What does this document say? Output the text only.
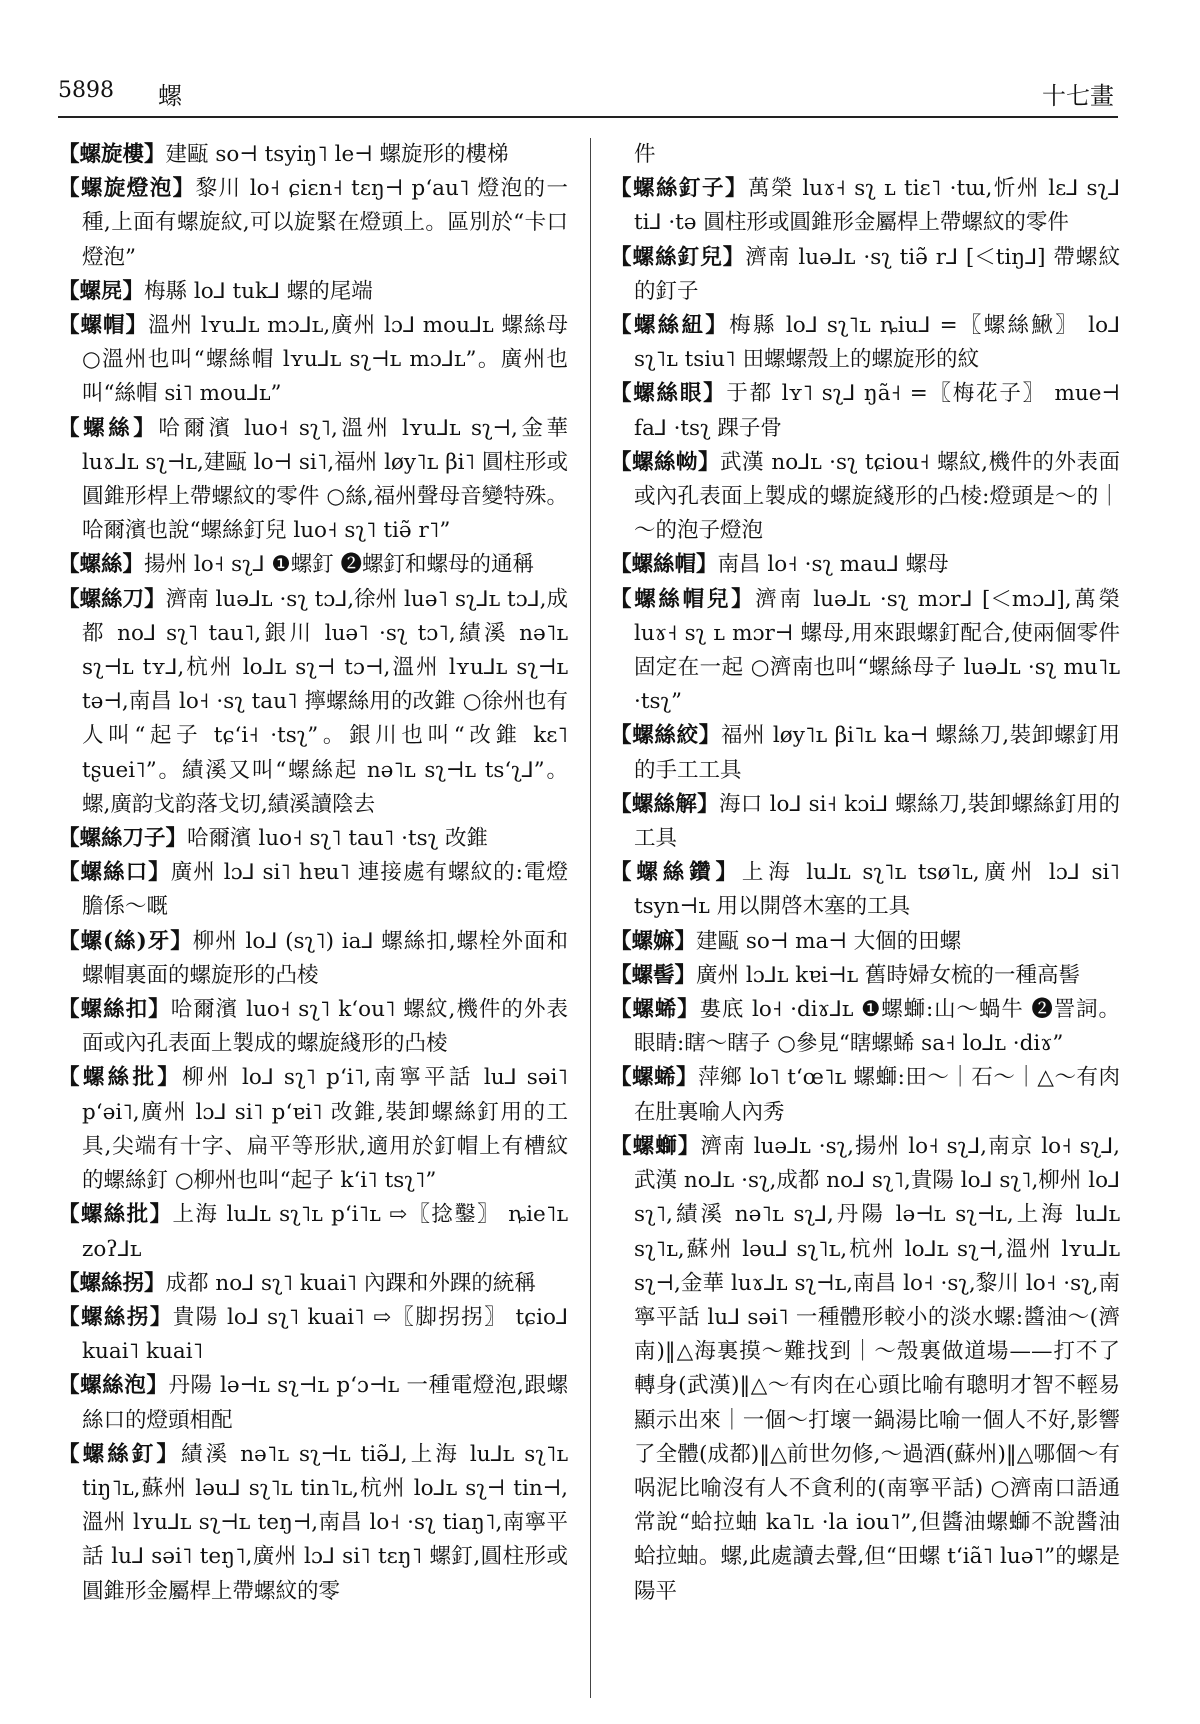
5898 螺	十七畫

【螺旋樓】建甌 so⊣ tsyiŋ˥ le⊣ 螺旋形的樓梯

【螺旋燈泡】黎川 lo˧ ɕiɛn˧ tɛŋ⊣ pʻau˥ 燈泡的一種,上面有螺旋紋,可以旋緊在燈頭上。區別於“卡口燈泡”

【螺𡱂】梅縣 lo⅃ tuk⅃ 螺的尾端

【螺帽】溫州 lʏu⅃ʟ mɔ⅃ʟ,廣州 lɔ⅃ mou⅃ʟ 螺絲母 ○溫州也叫“螺絲帽 lʏu⅃ʟ sʅ⊣ʟ mɔ⅃ʟ”。廣州也叫“絲帽 si˥ mou⅃ʟ”

【螺絲】哈爾濱 luo˧ sʅ˥,溫州 lʏu⅃ʟ sʅ⊣,金華 luɤ⅃ʟ sʅ⊣ʟ,建甌 lo⊣ si˥,福州 løy˥ʟ βi˥ 圓柱形或圓錐形桿上帶螺紋的零件 ○絲,福州聲母音變特殊。哈爾濱也說“螺絲釘兒 luo˧ sʅ˥ tiə̃ r˥”

【螺絲】揚州 lo˧ sʅ⅃ ❶螺釘 ❷螺釘和螺母的通稱

【螺絲刀】濟南 luə⅃ʟ ·sʅ tɔ⅃,徐州 luə˥ sʅ⅃ʟ tɔ⅃,成都 no⅃ sʅ˥ tau˥,銀川 luə˥ ·sʅ tɔ˥,績溪 nə˥ʟ sʅ⊣ʟ tʏ⅃,杭州 lo⅃ʟ sʅ⊣ tɔ⊣,溫州 lʏu⅃ʟ sʅ⊣ʟ tə⊣,南昌 lo˧ ·sʅ tau˥ 擰螺絲用的改錐 ○徐州也有人叫“起子 tɕʻi˧ ·tsʅ”。銀川也叫“改錐 kɛ˥ tʂuei˥”。績溪又叫“螺絲起 nə˥ʟ sʅ⊣ʟ tsʻʅ⅃”。螺,廣韵戈韵落戈切,績溪讀陰去

【螺絲刀子】哈爾濱 luo˧ sʅ˥ tau˥ ·tsʅ 改錐

【螺絲口】廣州 lɔ⅃ si˥ hɐu˥ 連接處有螺紋的:電燈膽係～嘅

【螺(絲)牙】柳州 lo⅃ (sʅ˥) ia⅃ 螺絲扣,螺栓外面和螺帽裏面的螺旋形的凸棱

【螺絲扣】哈爾濱 luo˧ sʅ˥ kʻou˥ 螺紋,機件的外表面或內孔表面上製成的螺旋綫形的凸棱

【螺絲批】柳州 lo⅃ sʅ˥ pʻi˥,南寧平話 lu⅃ səi˥ pʻəi˥,廣州 lɔ⅃ si˥ pʻɐi˥ 改錐,裝卸螺絲釘用的工具,尖端有十字、扁平等形狀,適用於釘帽上有槽紋的螺絲釘 ○柳州也叫“起子 kʻi˥ tsʅ˥”

【螺絲批】上海 lu⅃ʟ sʅ˥ʟ pʻi˥ʟ ⇨〖捻鑿〗 ȵie˥ʟ zoʔ⅃ʟ

【螺絲拐】成都 no⅃ sʅ˥ kuai˥ 內踝和外踝的統稱

【螺絲拐】貴陽 lo⅃ sʅ˥ kuai˥ ⇨〖脚拐拐〗 tɕio⅃ kuai˥ kuai˥

【螺絲泡】丹陽 lə⊣ʟ sʅ⊣ʟ pʻɔ⊣ʟ 一種電燈泡,跟螺絲口的燈頭相配

【螺絲釘】績溪 nə˥ʟ sʅ⊣ʟ tiə̃⅃,上海 lu⅃ʟ sʅ˥ʟ tiŋ˥ʟ,蘇州 ləu⅃ sʅ˥ʟ tin˥ʟ,杭州 lo⅃ʟ sʅ⊣ tin⊣,溫州 lʏu⅃ʟ sʅ⊣ʟ teŋ⊣,南昌 lo˧ ·sʅ tiaŋ˥,南寧平話 lu⅃ səi˥ teŋ˥,廣州 lɔ⅃ si˥ tɛŋ˥ 螺釘,圓柱形或圓錐形金屬桿上帶螺紋的零

件

【螺絲釘子】萬榮 luɤ˧ sʅ ʟ tiɛ˥ ·tɯ,忻州 lɛ⅃ sʅ⅃ ti⅃ ·tə 圓柱形或圓錐形金屬桿上帶螺紋的零件

【螺絲釘兒】濟南 luə⅃ʟ ·sʅ tiə̃ r⅃ [＜tiŋ⅃] 帶螺紋的釘子

【螺絲紐】梅縣 lo⅃ sʅ˥ʟ ȵiu⅃ =〖螺絲鰍〗 lo⅃ sʅ˥ʟ tsiu˥ 田螺螺殼上的螺旋形的紋

【螺絲眼】于都 lʏ˥ sʅ⅃ ŋã˧ =〖梅花子〗 mue⊣ fa⅃ ·tsʅ 踝子骨

【螺絲𢂊】武漢 no⅃ʟ ·sʅ tɕiou˧ 螺紋,機件的外表面或內孔表面上製成的螺旋綫形的凸棱:燈頭是～的｜～的泡子燈泡

【螺絲帽】南昌 lo˧ ·sʅ mau⅃ 螺母

【螺絲帽兒】濟南 luə⅃ʟ ·sʅ mɔr⅃ [＜mɔ⅃],萬榮 luɤ˧ sʅ ʟ mɔr⊣ 螺母,用來跟螺釘配合,使兩個零件固定在一起 ○濟南也叫“螺絲母子 luə⅃ʟ ·sʅ mu˥ʟ ·tsʅ”

【螺絲絞】福州 løy˥ʟ βi˥ʟ ka⊣ 螺絲刀,裝卸螺釘用的手工工具

【螺絲解】海口 lo⅃ si˧ kɔi⅃ 螺絲刀,裝卸螺絲釘用的工具

【螺絲鑽】上海 lu⅃ʟ sʅ˥ʟ tsø˥ʟ,廣州 lɔ⅃ si˥ tsyn⊣ʟ 用以開啓木塞的工具

【螺嫲】建甌 so⊣ ma⊣ 大個的田螺

【螺髻】廣州 lɔ⅃ʟ kɐi⊣ʟ 舊時婦女梳的一種高髻

【螺䖷】婁底 lo˧ ·diɤ⅃ʟ ❶螺螄:山～蝸牛 ❷詈詞。眼睛:瞎～瞎子 ○參見“瞎螺䖷 sa˧ lo⅃ʟ ·diɤ”

【螺䖷】萍鄉 lo˥ tʻœ˥ʟ 螺螄:田～｜石～｜△～有肉在肚裏喻人內秀

【螺螄】濟南 luə⅃ʟ ·sʅ,揚州 lo˧ sʅ⅃,南京 lo˧ sʅ⅃,武漢 no⅃ʟ ·sʅ,成都 no⅃ sʅ˥,貴陽 lo⅃ sʅ˥,柳州 lo⅃ sʅ˥,績溪 nə˥ʟ sʅ⅃,丹陽 lə⊣ʟ sʅ⊣ʟ,上海 lu⅃ʟ sʅ˥ʟ,蘇州 ləu⅃ sʅ˥ʟ,杭州 lo⅃ʟ sʅ⊣,溫州 lʏu⅃ʟ sʅ⊣,金華 luɤ⅃ʟ sʅ⊣ʟ,南昌 lo˧ ·sʅ,黎川 lo˧ ·sʅ,南寧平話 lu⅃ səi˥ 一種體形較小的淡水螺:醬油～(濟南)‖△海裏摸～難找到｜～殼裏做道場——打不了轉身(武漢)‖△～有肉在心頭比喻有聰明才智不輕易顯示出來｜一個～打壞一鍋湯比喻一個人不好,影響了全體(成都)‖△前世勿修,～過酒(蘇州)‖△哪個～有㖞泥比喻沒有人不貪利的(南寧平話) ○濟南口語通常說“蛤拉蚰 ka˥ʟ ·la iou˥”,但醬油螺螄不說醬油蛤拉蚰。螺,此處讀去聲,但“田螺 tʻiã˥ luə˥”的螺是陽平
